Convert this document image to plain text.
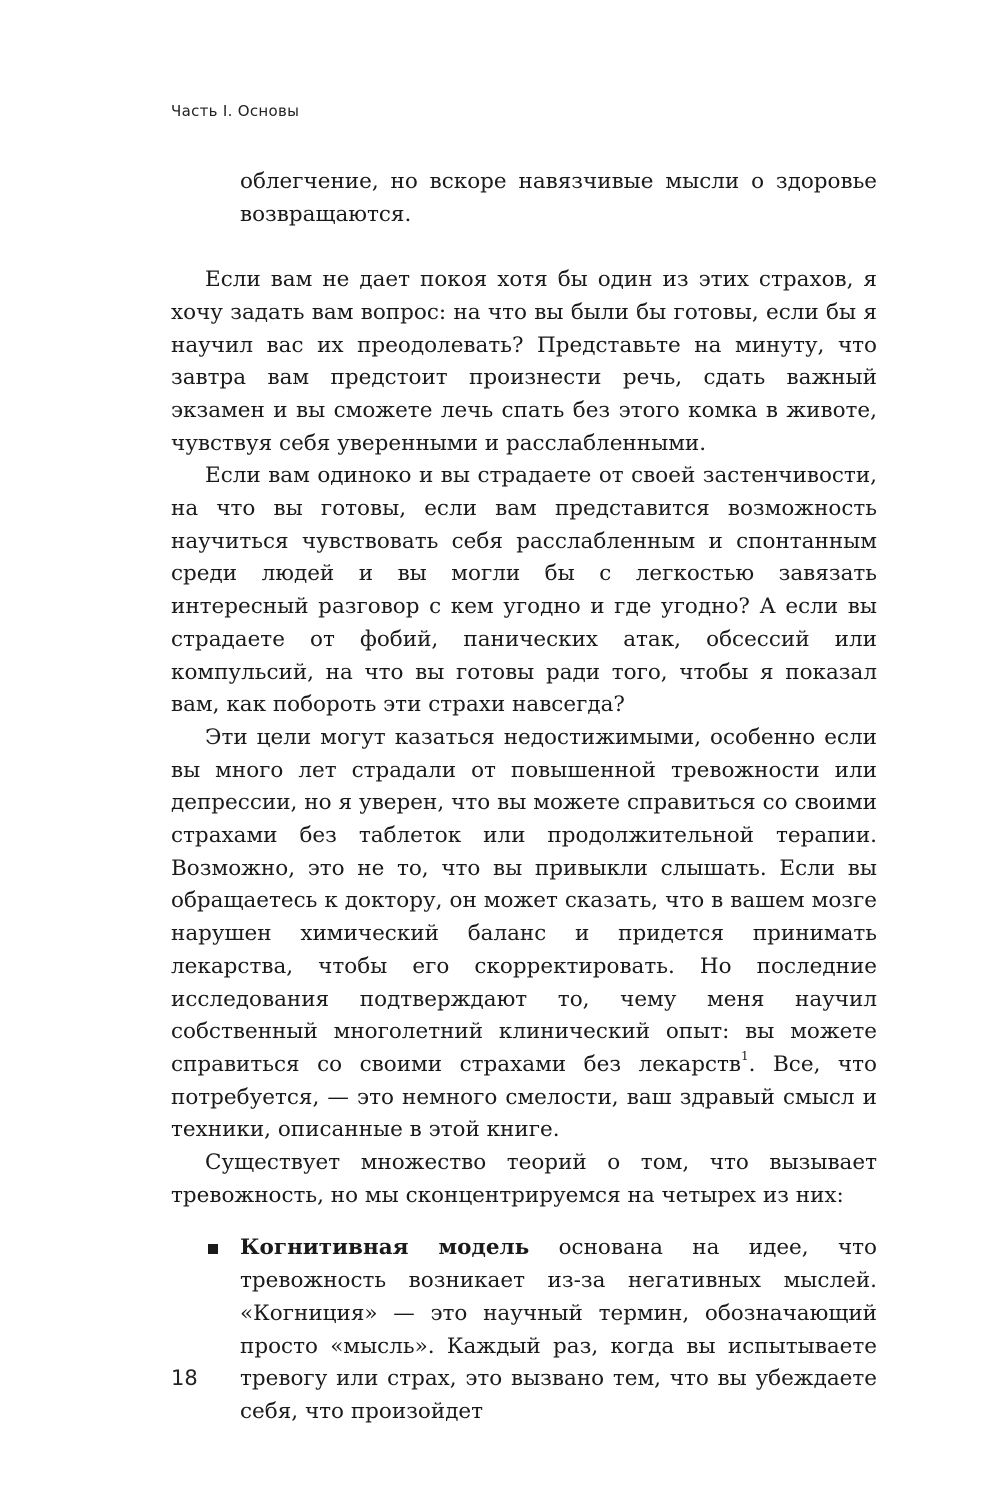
Часть I. Основы

облегчение, но вскоре навязчивые мысли о здоровье возвращаются.

Если вам не дает покоя хотя бы один из этих страхов, я хочу задать вам вопрос: на что вы были бы готовы, если бы я научил вас их преодолевать? Представьте на минуту, что завтра вам предстоит произнести речь, сдать важный экзамен и вы сможете лечь спать без этого комка в животе, чувствуя себя уверенными и расслабленными.

Если вам одиноко и вы страдаете от своей застенчивости, на что вы готовы, если вам представится возможность научиться чувствовать себя расслабленным и спонтанным среди людей и вы могли бы с легкостью завязать интересный разговор с кем угодно и где угодно? А если вы страдаете от фобий, панических атак, обсессий или компульсий, на что вы готовы ради того, чтобы я показал вам, как побороть эти страхи навсегда?

Эти цели могут казаться недостижимыми, особенно если вы много лет страдали от повышенной тревожности или депрессии, но я уверен, что вы можете справиться со своими страхами без таблеток или продолжительной терапии. Возможно, это не то, что вы привыкли слышать. Если вы обращаетесь к доктору, он может сказать, что в вашем мозге нарушен химический баланс и придется принимать лекарства, чтобы его скорректировать. Но последние исследования подтверждают то, чему меня научил собственный многолетний клинический опыт: вы можете справиться со своими страхами без лекарств$^1$. Все, что потребуется, — это немного смелости, ваш здравый смысл и техники, описанные в этой книге.

Существует множество теорий о том, что вызывает тревожность, но мы сконцентрируемся на четырех из них:

Когнитивная модель основана на идее, что тревожность возникает из-за негативных мыслей. «Когниция» — это научный термин, обозначающий просто «мысль». Каждый раз, когда вы испытываете тревогу или страх, это вызвано тем, что вы убеждаете себя, что произойдет
18
